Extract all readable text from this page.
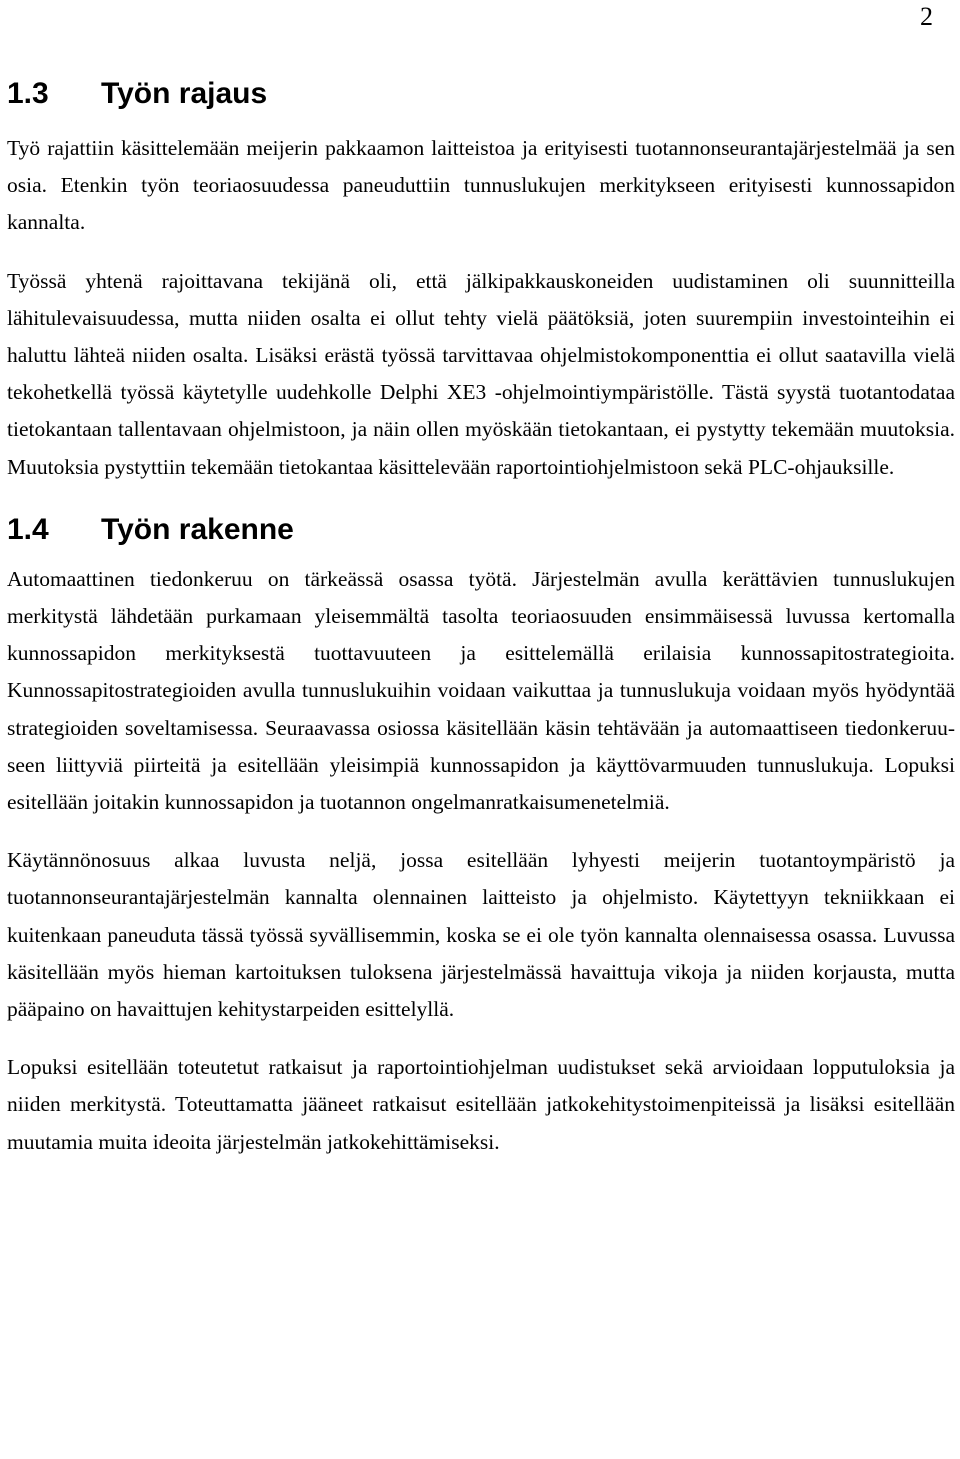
2
1.3	Työn rajaus

Työ rajattiin käsittelemään meijerin pakkaamon laitteistoa ja erityisesti tuotannonseurantajärjestelmää ja sen osia. Etenkin työn teoriaosuudessa paneuduttiin tunnuslukujen merkitykseen erityisesti kunnossapidon kannalta.

Työssä yhtenä rajoittavana tekijänä oli, että jälkipakkauskoneiden uudistaminen oli suunnitteilla lähitulevaisuudessa, mutta niiden osalta ei ollut tehty vielä päätöksiä, joten suurempiin investointeihin ei haluttu lähteä niiden osalta. Lisäksi erästä työssä tarvittavaa ohjelmistokomponenttia ei ollut saatavilla vielä tekohetkellä työssä käytetylle uudehkolle Delphi XE3 -ohjelmointiympäristölle. Tästä syystä tuotantodataa tietokantaan tallentavaan ohjelmistoon, ja näin ollen myöskään tietokantaan, ei pystytty tekemään muutoksia. Muutoksia pystyttiin tekemään tietokantaa käsittelevään raportointiohjelmistoon sekä PLC-ohjauksille.

1.4	Työn rakenne

Automaattinen tiedonkeruu on tärkeässä osassa työtä. Järjestelmän avulla kerättävien tunnuslukujen merkitystä lähdetään purkamaan yleisemmältä tasolta teoriaosuuden ensimmäisessä luvussa kertomalla kunnossapidon merkityksestä tuottavuuteen ja esittelemällä erilaisia kunnossapitostrategioita. Kunnossapitostrategioiden avulla tunnuslukuihin voidaan vaikuttaa ja tunnuslukuja voidaan myös hyödyntää strategioiden soveltamisessa. Seuraavassa osiossa käsitellään käsin tehtävään ja automaattiseen tiedonkeruuseen liittyviä piirteitä ja esitellään yleisimpiä kunnossapidon ja käyttövarmuuden tunnuslukuja. Lopuksi esitellään joitakin kunnossapidon ja tuotannon ongelmanratkaisumenetelmiä.

Käytännönosuus alkaa luvusta neljä, jossa esitellään lyhyesti meijerin tuotantoympäristö ja tuotannonseurantajärjestelmän kannalta olennainen laitteisto ja ohjelmisto. Käytettyyn tekniikkaan ei kuitenkaan paneuduta tässä työssä syvällisemmin, koska se ei ole työn kannalta olennaisessa osassa. Luvussa käsitellään myös hieman kartoituksen tuloksena järjestelmässä havaittuja vikoja ja niiden korjausta, mutta pääpaino on havaittujen kehitystarpeiden esittelyllä.

Lopuksi esitellään toteutetut ratkaisut ja raportointiohjelman uudistukset sekä arvioidaan lopputuloksia ja niiden merkitystä. Toteuttamatta jääneet ratkaisut esitellään jatkokehitystoimenpiteissä ja lisäksi esitellään muutamia muita ideoita järjestelmän jatkokehittämiseksi.
